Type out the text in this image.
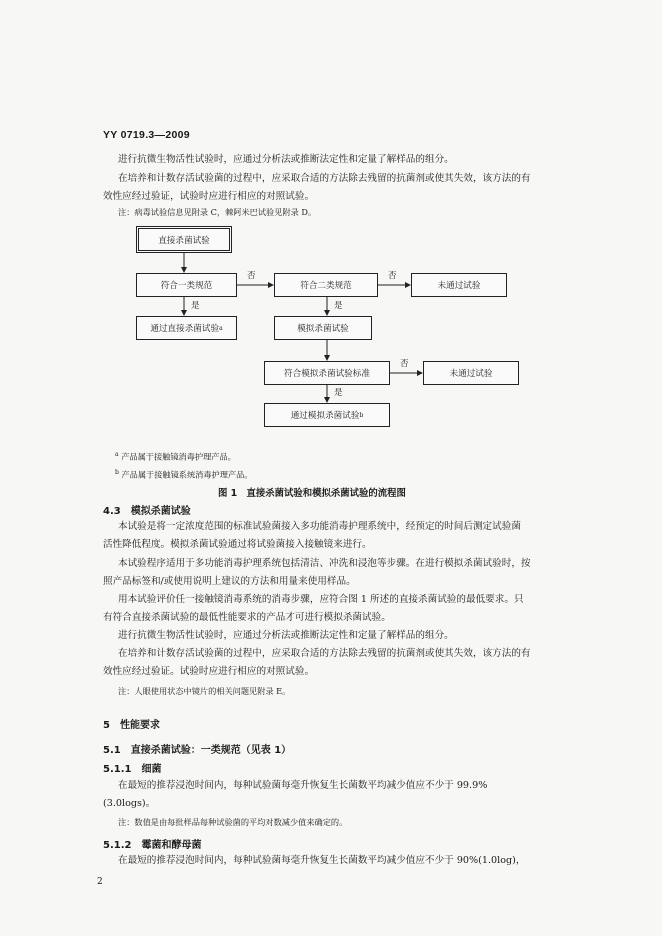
YY 0719.3—2009
进行抗微生物活性试验时，应通过分析法或推断法定性和定量了解样品的组分。
在培养和计数存活试验菌的过程中，应采取合适的方法除去残留的抗菌剂或使其失效，该方法的有
效性应经过验证，试验时应进行相应的对照试验。
注：病毒试验信息见附录 C，棘阿米巴试验见附录 D。
直接杀菌试验
符合一类规范	符合二类规范	未通过试验
通过直接杀菌试验 a	模拟杀菌试验
符合模拟杀菌试验标准	未通过试验
通过模拟杀菌试验 b
否	否
是	是
否
是
$^a$ 产品属于接触镜消毒护理产品。
$^b$ 产品属于接触镜系统消毒护理产品。
图 1　直接杀菌试验和模拟杀菌试验的流程图
4.3　模拟杀菌试验
本试验是将一定浓度范围的标准试验菌接入多功能消毒护理系统中，经预定的时间后测定试验菌
活性降低程度。模拟杀菌试验通过将试验菌接入接触镜来进行。
本试验程序适用于多功能消毒护理系统包括清洁、冲洗和浸泡等步骤。在进行模拟杀菌试验时，按
照产品标签和/或使用说明上建议的方法和用量来使用样品。
用本试验评价任一接触镜消毒系统的消毒步骤，应符合图 1 所述的直接杀菌试验的最低要求。只
有符合直接杀菌试验的最低性能要求的产品才可进行模拟杀菌试验。
进行抗微生物活性试验时，应通过分析法或推断法定性和定量了解样品的组分。
在培养和计数存活试验菌的过程中，应采取合适的方法除去残留的抗菌剂或使其失效，该方法的有
效性应经过验证。试验时应进行相应的对照试验。
注：人眼使用状态中镜片的相关问题见附录 E。
5　性能要求
5.1　直接杀菌试验：一类规范（见表 1）
5.1.1　细菌
在最短的推荐浸泡时间内，每种试验菌每毫升恢复生长菌数平均减少值应不少于 99.9%
(3.0logs)。
注：数值是由每批样品每种试验菌的平均对数减少值来确定的。
5.1.2　霉菌和酵母菌
在最短的推荐浸泡时间内，每种试验菌每毫升恢复生长菌数平均减少值应不少于 90%(1.0log)，
2
